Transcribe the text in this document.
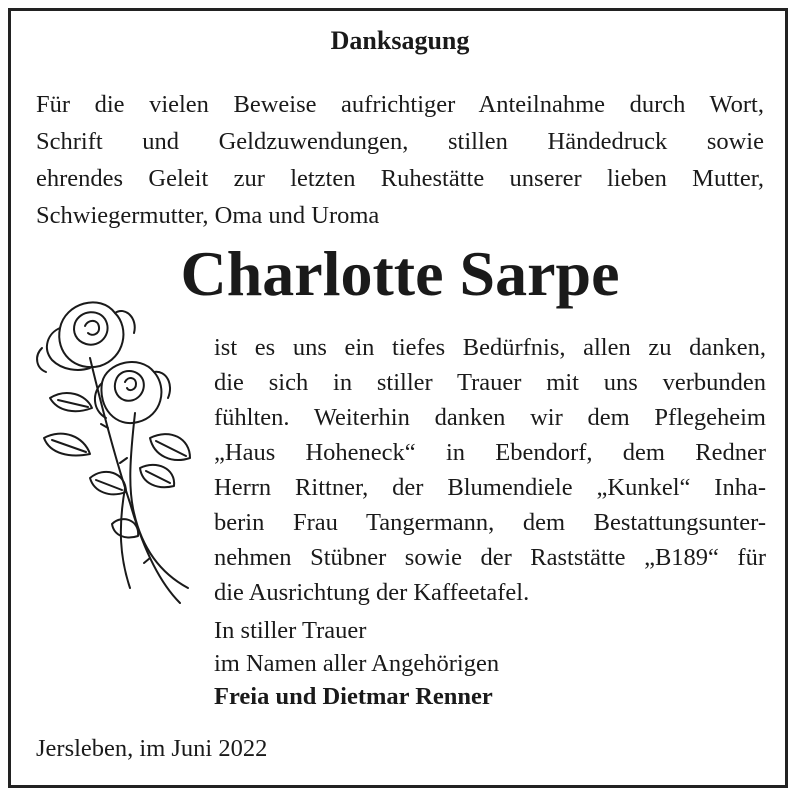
Danksagung

Für die vielen Beweise aufrichtiger Anteilnahme durch Wort,
Schrift und Geldzuwendungen, stillen Händedruck sowie
ehrendes Geleit zur letzten Ruhestätte unserer lieben Mutter,
Schwiegermutter, Oma und Uroma

Charlotte Sarpe
ist es uns ein tiefes Bedürfnis, allen zu danken,
die sich in stiller Trauer mit uns verbunden
fühlten. Weiterhin danken wir dem Pflegeheim
„Haus Hoheneck“ in Ebendorf, dem Redner
Herrn Rittner, der Blumendiele „Kunkel“ Inha-
berin Frau Tangermann, dem Bestattungsunter-
nehmen Stübner sowie der Raststätte „B189“ für
die Ausrichtung der Kaffeetafel.
In stiller Trauer
im Namen aller Angehörigen
Freia und Dietmar Renner
Jersleben, im Juni 2022
